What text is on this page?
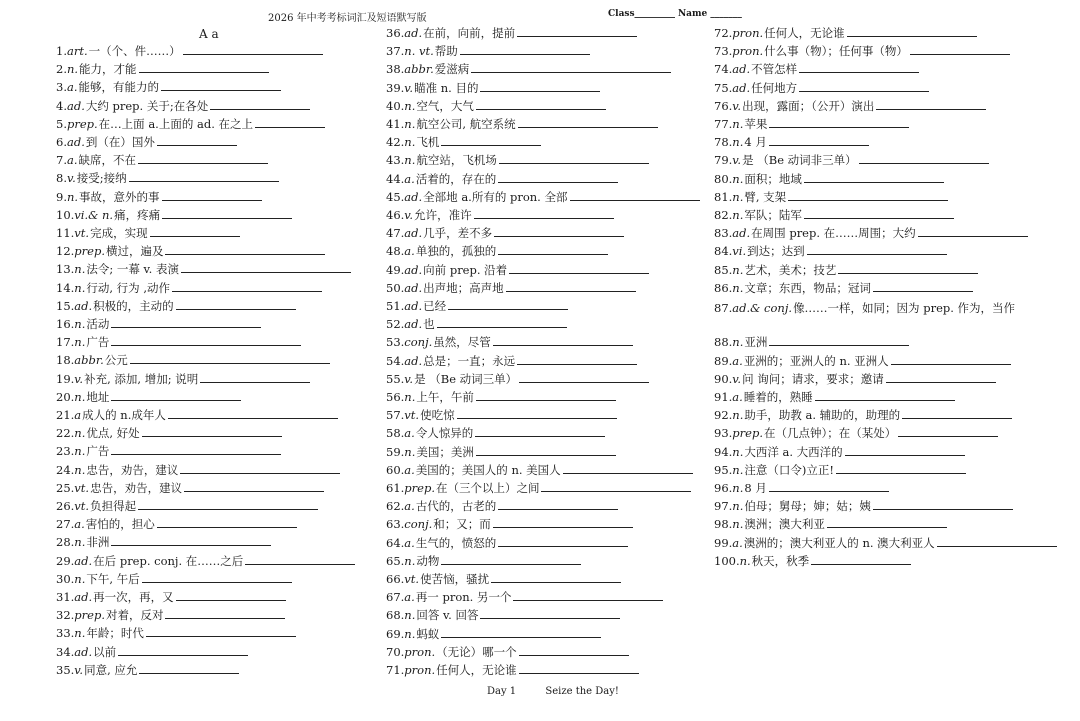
2026 年中考考标词汇及短语默写版	Class_________ Name _______
A a
1.art.一（个、件……）
2.n.能力，才能
3.a.能够，有能力的
4.ad.大约 prep. 关于;在各处
5.prep.在…上面 a.上面的 ad. 在之上
6.ad.到（在）国外
7.a.缺席，不在
8.v.接受;接纳
9.n.事故，意外的事
10.vi.& n.痛，疼痛
11.vt.完成，实现
12.prep.横过，遍及
13.n.法令; 一幕 v. 表演
14.n.行动, 行为 ,动作
15.ad.积极的，主动的
16.n.活动
17.n.广告
18.abbr.公元
19.v.补充, 添加, 增加; 说明
20.n.地址
21.a成人的 n.成年人
22.n.优点, 好处
23.n.广告
24.n.忠告，劝告，建议
25.vt.忠告，劝告，建议
26.vt.负担得起
27.a.害怕的，担心
28.n.非洲
29.ad.在后 prep. conj. 在……之后
30.n.下午, 午后
31.ad.再一次，再，又
32.prep.对着，反对
33.n.年龄；时代
34.ad.以前
35.v.同意, 应允
36.ad.在前，向前，提前
37.n. vt.帮助
38.abbr.爱滋病
39.v.瞄准 n. 目的
40.n.空气，大气
41.n.航空公司, 航空系统
42.n.飞机
43.n.航空站，飞机场
44.a.活着的，存在的
45.ad.全部地 a.所有的 pron. 全部
46.v.允许，准许
47.ad.几乎，差不多
48.a.单独的，孤独的
49.ad.向前 prep. 沿着
50.ad.出声地；高声地
51.ad.已经
52.ad.也
53.conj.虽然，尽管
54.ad.总是；一直；永远
55.v.是 （Be 动词三单）
56.n.上午，午前
57.vt.使吃惊
58.a.令人惊异的
59.n.美国；美洲
60.a.美国的；美国人的 n. 美国人
61.prep.在（三个以上）之间
62.a.古代的，古老的
63.conj.和；又；而
64.a.生气的，愤怒的
65.n.动物
66.vt.使苦恼，骚扰
67.a.再一 pron. 另一个
68.n.回答 v. 回答
69.n.蚂蚁
70.pron.（无论）哪一个
71.pron.任何人，无论谁
72.pron.任何人，无论谁
73.pron.什么事（物）；任何事（物）
74.ad.不管怎样
75.ad.任何地方
76.v.出现，露面；（公开）演出
77.n.苹果
78.n.4 月
79.v.是 （Be 动词非三单）
80.n.面积；地域
81.n.臂, 支架
82.n.军队；陆军
83.ad.在周围 prep. 在……周围；大约
84.vi.到达；达到
85.n.艺术，美术；技艺
86.n.文章；东西，物品；冠词
87.ad.& conj.像……一样，如同；因为 prep. 作为，当作
88.n.亚洲
89.a.亚洲的；亚洲人的 n. 亚洲人
90.v.问 询问；请求，要求；邀请
91.a.睡着的，熟睡
92.n.助手，助教 a. 辅助的，助理的
93.prep.在（几点钟）；在（某处）
94.n.大西洋 a. 大西洋的
95.n.注意（口令)立正!
96.n.8 月
97.n.伯母；舅母；婶；姑；姨
98.n.澳洲；澳大利亚
99.a.澳洲的；澳大利亚人的 n. 澳大利亚人
100.n.秋天，秋季
Day 1	Seize the Day!
